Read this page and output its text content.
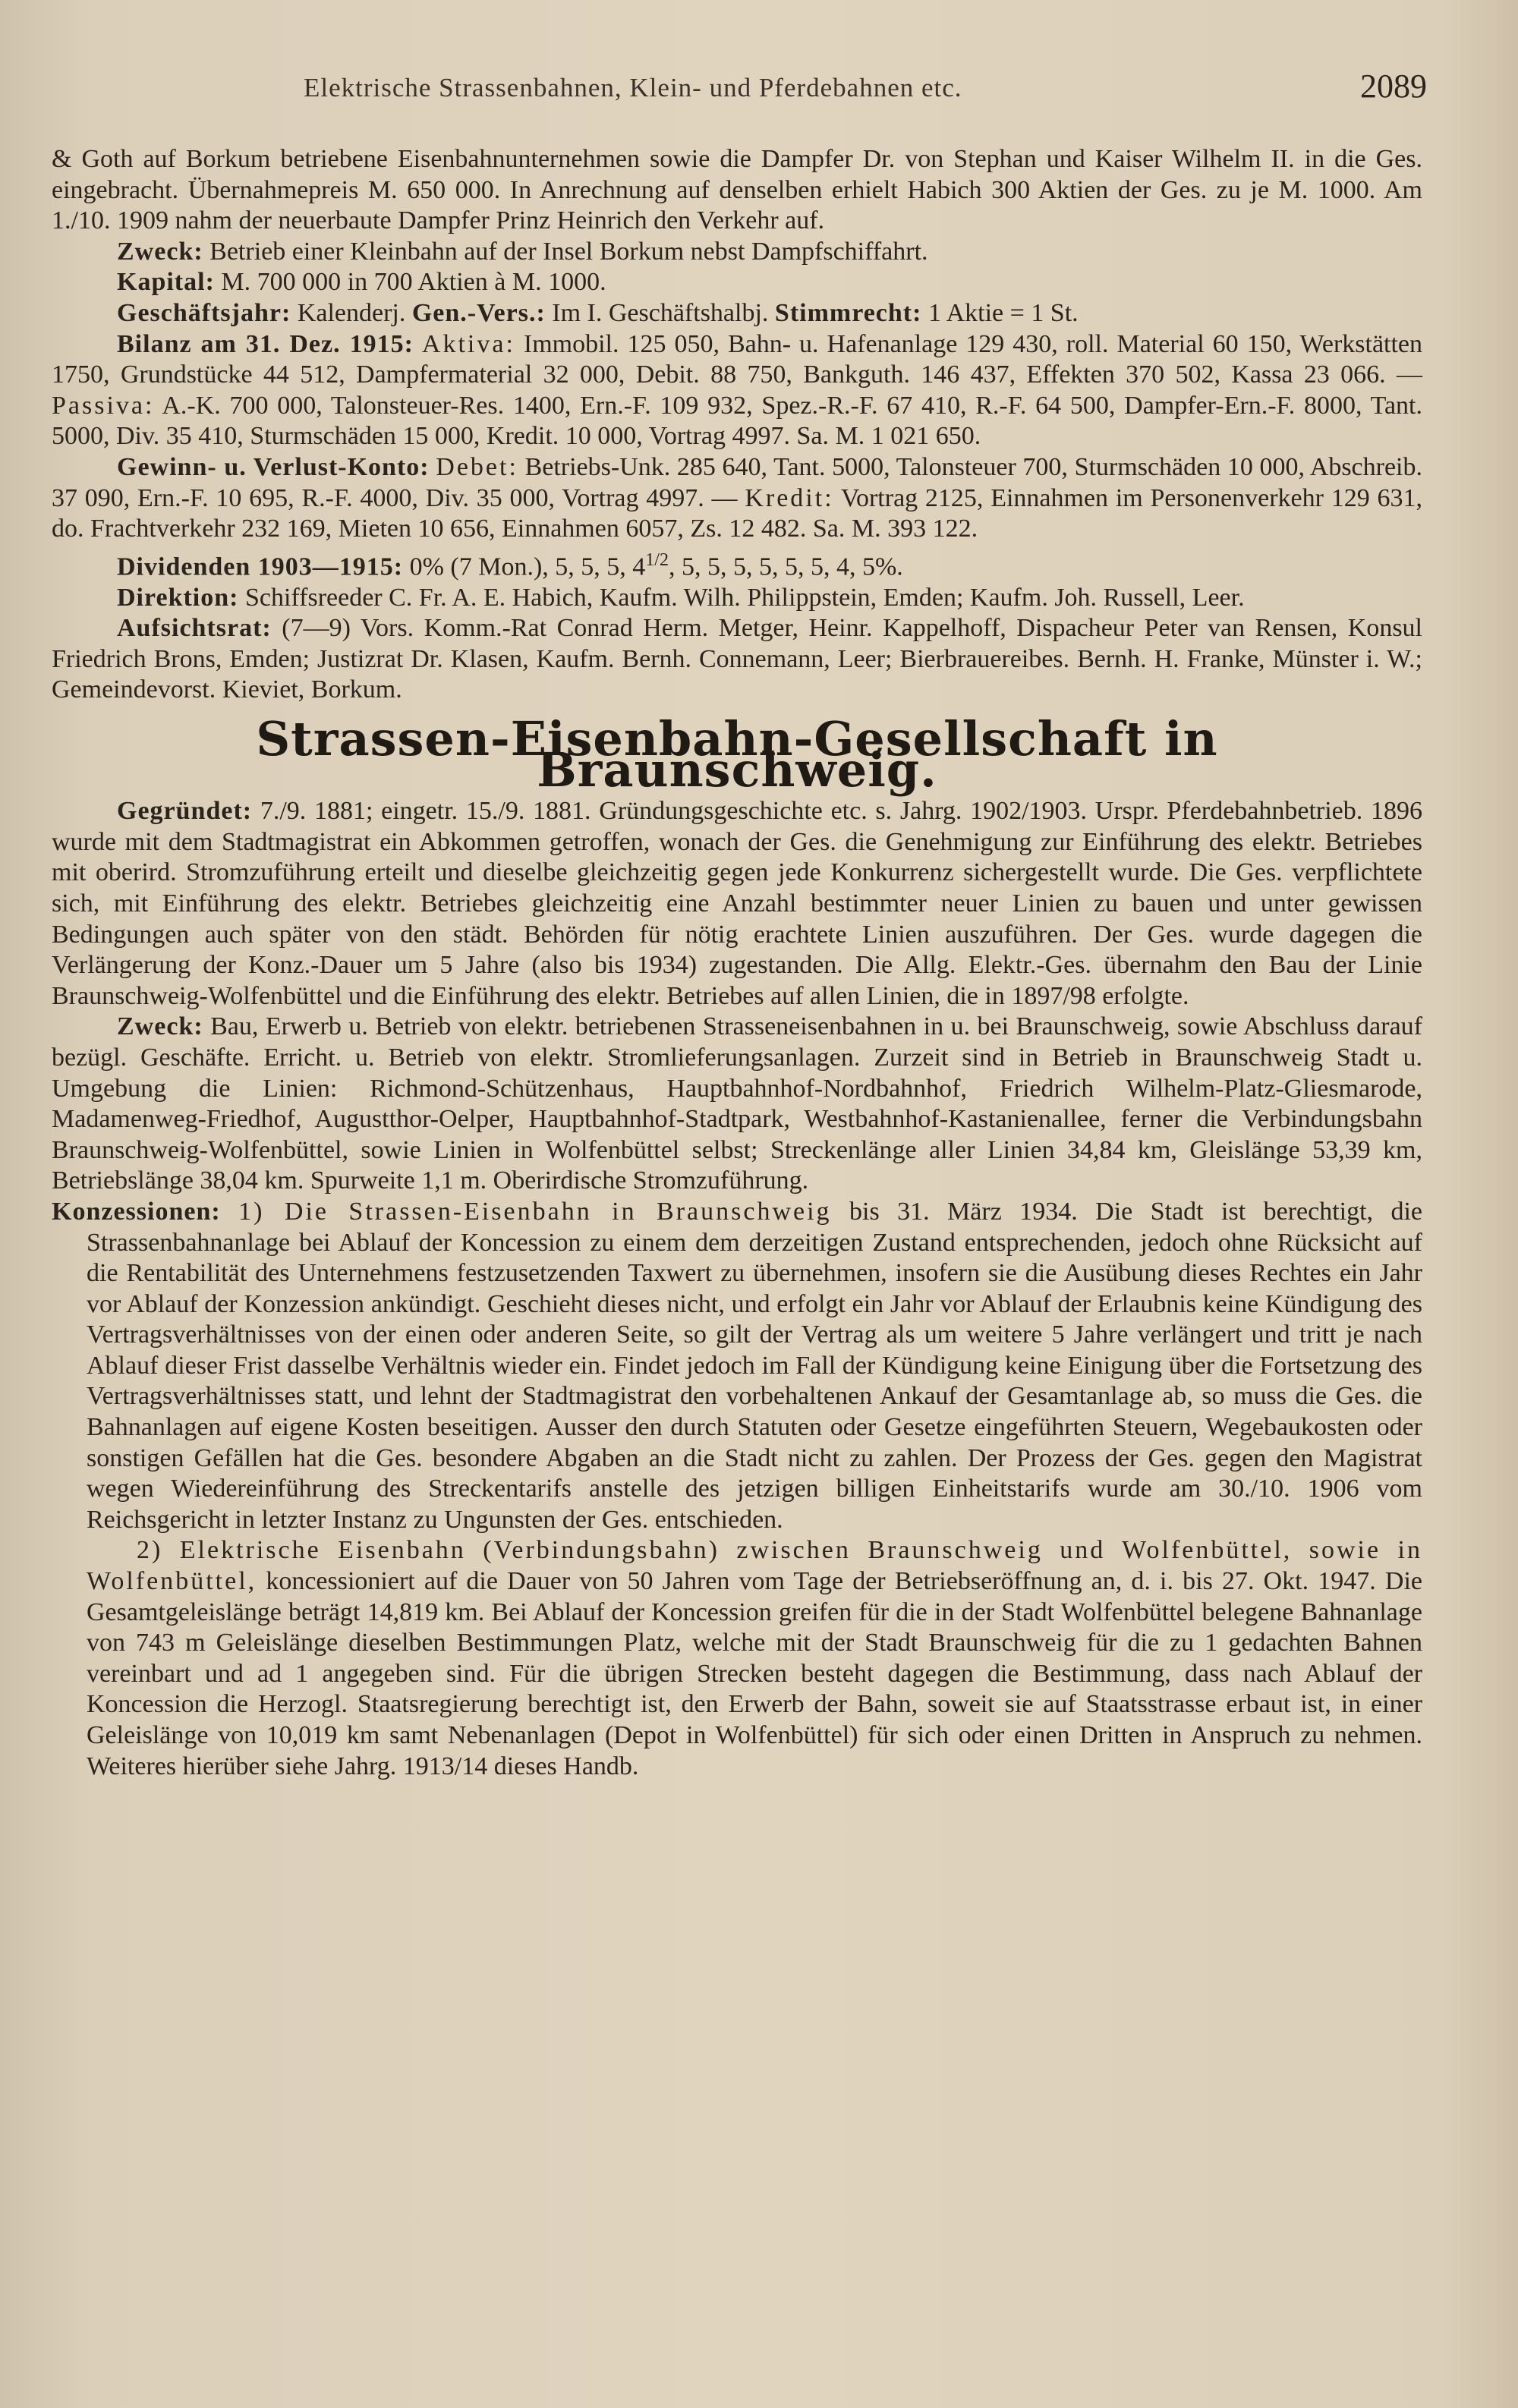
Elektrische Strassenbahnen, Klein- und Pferdebahnen etc.	2089

& Goth auf Borkum betriebene Eisenbahnunternehmen sowie die Dampfer Dr. von Stephan und Kaiser Wilhelm II. in die Ges. eingebracht. Übernahmepreis M. 650 000. In Anrechnung auf denselben erhielt Habich 300 Aktien der Ges. zu je M. 1000. Am 1./10. 1909 nahm der neuerbaute Dampfer Prinz Heinrich den Verkehr auf.

Zweck: Betrieb einer Kleinbahn auf der Insel Borkum nebst Dampfschiffahrt.

Kapital: M. 700 000 in 700 Aktien à M. 1000.

Geschäftsjahr: Kalenderj. Gen.-Vers.: Im I. Geschäftshalbj. Stimmrecht: 1 Aktie = 1 St.

Bilanz am 31. Dez. 1915: Aktiva: Immobil. 125 050, Bahn- u. Hafenanlage 129 430, roll. Material 60 150, Werkstätten 1750, Grundstücke 44 512, Dampfermaterial 32 000, Debit. 88 750, Bankguth. 146 437, Effekten 370 502, Kassa 23 066. — Passiva: A.-K. 700 000, Talonsteuer-Res. 1400, Ern.-F. 109 932, Spez.-R.-F. 67 410, R.-F. 64 500, Dampfer-Ern.-F. 8000, Tant. 5000, Div. 35 410, Sturmschäden 15 000, Kredit. 10 000, Vortrag 4997. Sa. M. 1 021 650.

Gewinn- u. Verlust-Konto: Debet: Betriebs-Unk. 285 640, Tant. 5000, Talonsteuer 700, Sturmschäden 10 000, Abschreib. 37 090, Ern.-F. 10 695, R.-F. 4000, Div. 35 000, Vortrag 4997. — Kredit: Vortrag 2125, Einnahmen im Personenverkehr 129 631, do. Frachtverkehr 232 169, Mieten 10 656, Einnahmen 6057, Zs. 12 482. Sa. M. 393 122.

Dividenden 1903—1915: 0% (7 Mon.), 5, 5, 5, $4^{1/2}$, 5, 5, 5, 5, 5, 5, 4, 5%.

Direktion: Schiffsreeder C. Fr. A. E. Habich, Kaufm. Wilh. Philippstein, Emden; Kaufm. Joh. Russell, Leer.

Aufsichtsrat: (7—9) Vors. Komm.-Rat Conrad Herm. Metger, Heinr. Kappelhoff, Dispacheur Peter van Rensen, Konsul Friedrich Brons, Emden; Justizrat Dr. Klasen, Kaufm. Bernh. Connemann, Leer; Bierbrauereibes. Bernh. H. Franke, Münster i. W.; Gemeindevorst. Kieviet, Borkum.

Strassen-Eisenbahn-Gesellschaft in Braunschweig.

Gegründet: 7./9. 1881; eingetr. 15./9. 1881. Gründungsgeschichte etc. s. Jahrg. 1902/1903. Urspr. Pferdebahnbetrieb. 1896 wurde mit dem Stadtmagistrat ein Abkommen getroffen, wonach der Ges. die Genehmigung zur Einführung des elektr. Betriebes mit oberird. Stromzuführung erteilt und dieselbe gleichzeitig gegen jede Konkurrenz sichergestellt wurde. Die Ges. verpflichtete sich, mit Einführung des elektr. Betriebes gleichzeitig eine Anzahl bestimmter neuer Linien zu bauen und unter gewissen Bedingungen auch später von den städt. Behörden für nötig erachtete Linien auszuführen. Der Ges. wurde dagegen die Verlängerung der Konz.-Dauer um 5 Jahre (also bis 1934) zugestanden. Die Allg. Elektr.-Ges. übernahm den Bau der Linie Braunschweig-Wolfenbüttel und die Einführung des elektr. Betriebes auf allen Linien, die in 1897/98 erfolgte.

Zweck: Bau, Erwerb u. Betrieb von elektr. betriebenen Strasseneisenbahnen in u. bei Braunschweig, sowie Abschluss darauf bezügl. Geschäfte. Erricht. u. Betrieb von elektr. Stromlieferungsanlagen. Zurzeit sind in Betrieb in Braunschweig Stadt u. Umgebung die Linien: Richmond-Schützenhaus, Hauptbahnhof-Nordbahnhof, Friedrich Wilhelm-Platz-Gliesmarode, Madamenweg-Friedhof, Augustthor-Oelper, Hauptbahnhof-Stadtpark, Westbahnhof-Kastanienallee, ferner die Verbindungsbahn Braunschweig-Wolfenbüttel, sowie Linien in Wolfenbüttel selbst; Streckenlänge aller Linien 34,84 km, Gleislänge 53,39 km, Betriebslänge 38,04 km. Spurweite 1,1 m. Oberirdische Stromzuführung.

Konzessionen: 1) Die Strassen-Eisenbahn in Braunschweig bis 31. März 1934. Die Stadt ist berechtigt, die Strassenbahnanlage bei Ablauf der Koncession zu einem dem derzeitigen Zustand entsprechenden, jedoch ohne Rücksicht auf die Rentabilität des Unternehmens festzusetzenden Taxwert zu übernehmen, insofern sie die Ausübung dieses Rechtes ein Jahr vor Ablauf der Konzession ankündigt. Geschieht dieses nicht, und erfolgt ein Jahr vor Ablauf der Erlaubnis keine Kündigung des Vertragsverhältnisses von der einen oder anderen Seite, so gilt der Vertrag als um weitere 5 Jahre verlängert und tritt je nach Ablauf dieser Frist dasselbe Verhältnis wieder ein. Findet jedoch im Fall der Kündigung keine Einigung über die Fortsetzung des Vertragsverhältnisses statt, und lehnt der Stadtmagistrat den vorbehaltenen Ankauf der Gesamtanlage ab, so muss die Ges. die Bahnanlagen auf eigene Kosten beseitigen. Ausser den durch Statuten oder Gesetze eingeführten Steuern, Wegebaukosten oder sonstigen Gefällen hat die Ges. besondere Abgaben an die Stadt nicht zu zahlen. Der Prozess der Ges. gegen den Magistrat wegen Wiedereinführung des Streckentarifs anstelle des jetzigen billigen Einheitstarifs wurde am 30./10. 1906 vom Reichsgericht in letzter Instanz zu Ungunsten der Ges. entschieden.

2) Elektrische Eisenbahn (Verbindungsbahn) zwischen Braunschweig und Wolfenbüttel, sowie in Wolfenbüttel, koncessioniert auf die Dauer von 50 Jahren vom Tage der Betriebseröffnung an, d. i. bis 27. Okt. 1947. Die Gesamtgeleislänge beträgt 14,819 km. Bei Ablauf der Koncession greifen für die in der Stadt Wolfenbüttel belegene Bahnanlage von 743 m Geleislänge dieselben Bestimmungen Platz, welche mit der Stadt Braunschweig für die zu 1 gedachten Bahnen vereinbart und ad 1 angegeben sind. Für die übrigen Strecken besteht dagegen die Bestimmung, dass nach Ablauf der Koncession die Herzogl. Staatsregierung berechtigt ist, den Erwerb der Bahn, soweit sie auf Staatsstrasse erbaut ist, in einer Geleislänge von 10,019 km samt Nebenanlagen (Depot in Wolfenbüttel) für sich oder einen Dritten in Anspruch zu nehmen. Weiteres hierüber siehe Jahrg. 1913/14 dieses Handb.
